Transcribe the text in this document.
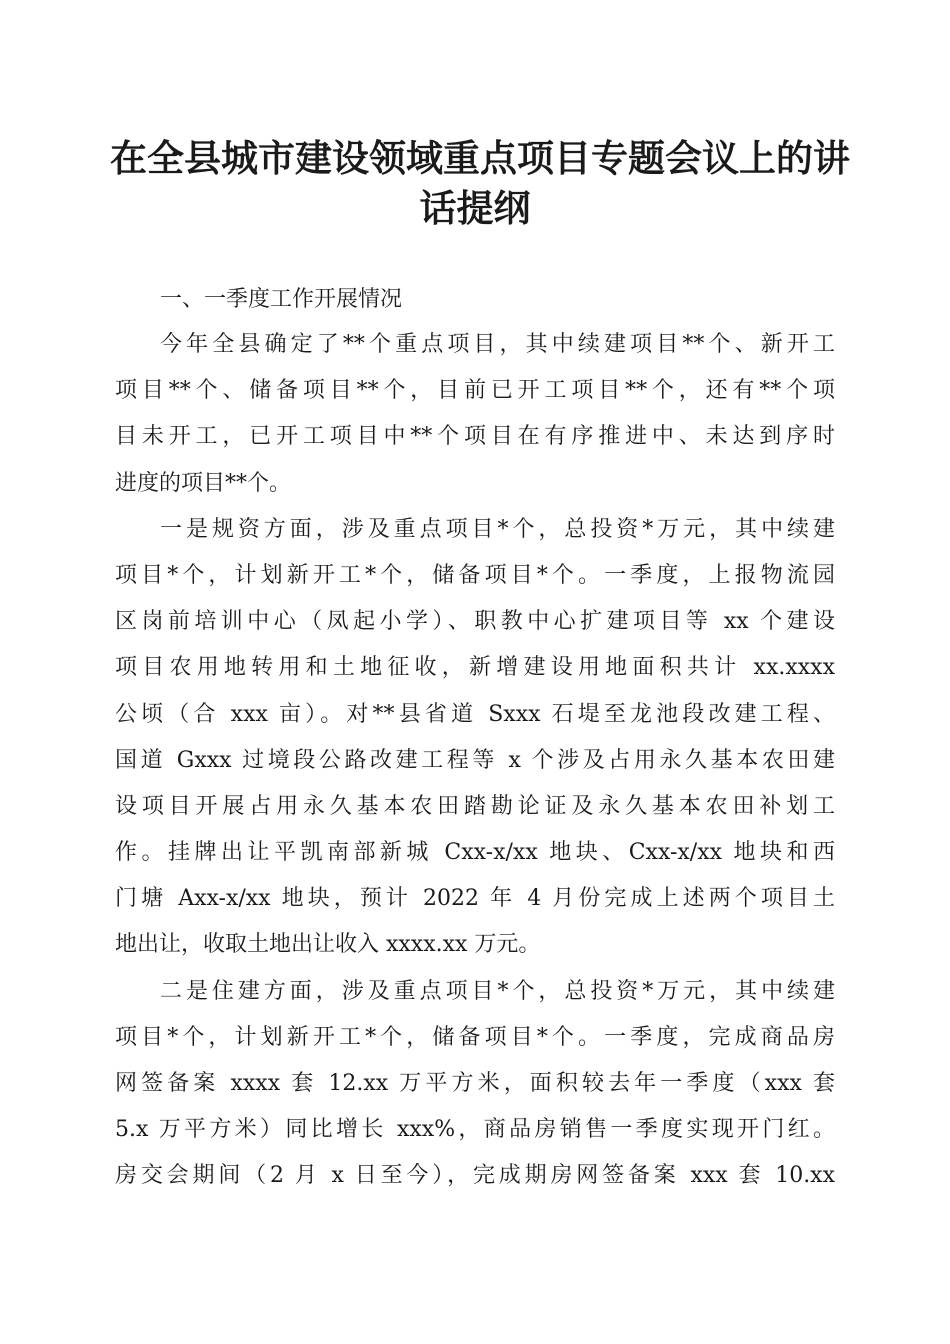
在全县城市建设领域重点项目专题会议上的讲
话提纲
一、一季度工作开展情况
今年全县确定了**个重点项目，其中续建项目**个、新开工
项目**个、储备项目**个，目前已开工项目**个，还有**个项
目未开工，已开工项目中**个项目在有序推进中、未达到序时
进度的项目**个。
一是规资方面，涉及重点项目*个，总投资*万元，其中续建
项目*个，计划新开工*个，储备项目*个。一季度，上报物流园
区岗前培训中心（凤起小学）、职教中心扩建项目等 xx 个建设
项目农用地转用和土地征收，新增建设用地面积共计 xx.xxxx
公顷（合 xxx 亩）。对**县省道 Sxxx 石堤至龙池段改建工程、
国道 Gxxx 过境段公路改建工程等 x 个涉及占用永久基本农田建
设项目开展占用永久基本农田踏勘论证及永久基本农田补划工
作。挂牌出让平凯南部新城 Cxx-x/xx 地块、Cxx-x/xx 地块和西
门塘 Axx-x/xx 地块，预计 2022 年 4 月份完成上述两个项目土
地出让，收取土地出让收入 xxxx.xx 万元。
二是住建方面，涉及重点项目*个，总投资*万元，其中续建
项目*个，计划新开工*个，储备项目*个。一季度，完成商品房
网签备案 xxxx 套 12.xx 万平方米，面积较去年一季度（xxx 套
5.x 万平方米）同比增长 xxx%，商品房销售一季度实现开门红。
房交会期间（2 月 x 日至今），完成期房网签备案 xxx 套 10.xx
